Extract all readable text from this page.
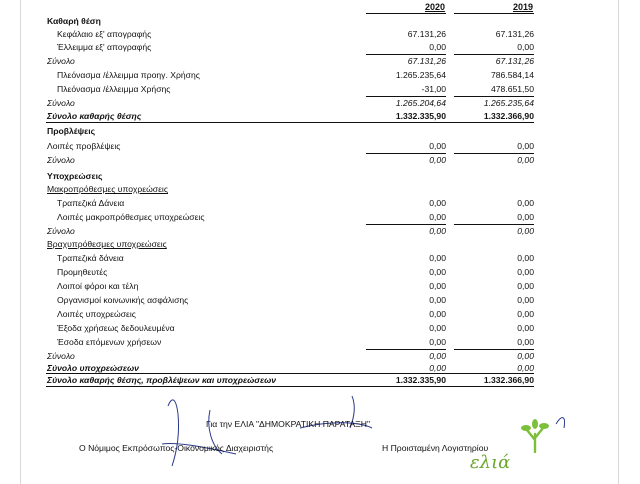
2020	2019
Καθαρή θέση
Κεφάλαιο εξ' απογραφής	67.131,26	67.131,26
Έλλειμμα εξ' απογραφής	0,00	0,00
Σύνολο	67.131,26	67.131,26
Πλεόνασμα /έλλειμμα προηγ. Χρήσης	1.265.235,64	786.584,14
Πλεόνασμα /έλλειμμα Χρήσης	-31,00	478.651,50
Σύνολο	1.265.204,64	1.265.235,64
Σύνολο καθαρής θέσης	1.332.335,90	1.332.366,90
Προβλέψεις
Λοιπές προβλέψεις	0,00	0,00
Σύνολο	0,00	0,00
Υποχρεώσεις
Μακροπρόθεσμες υποχρεώσεις
Τραπεζικά Δάνεια	0,00	0,00
Λοιπές μακροπρόθεσμες υποχρεώσεις	0,00	0,00
Σύνολο	0,00	0,00
Βραχυπρόθεσμες υποχρεώσεις
Τραπεζικά δάνεια	0,00	0,00
Προμηθευτές	0,00	0,00
Λοιποί φόροι και τέλη	0,00	0,00
Οργανισμοί κοινωνικής ασφάλισης	0,00	0,00
Λοιπές υποχρεώσεις	0,00	0,00
Έξοδα χρήσεως δεδουλευμένα	0,00	0,00
Έσοδα επόμενων χρήσεων	0,00	0,00
Σύνολο	0,00	0,00
Σύνολο υποχρεώσεων	0,00	0,00
Σύνολο καθαρής θέσης, προβλέψεων και υποχρεώσεων	1.332.335,90	1.332.366,90
ελιά
Για την ΕΛΙΑ "ΔΗΜΟΚΡΑΤΙΚΗ ΠΑΡΑΤΑΞΗ"
Ο Νόμιμος Εκπρόσωπος-Οικονομικός Διαχειριστής	Η Προισταμένη Λογιστηρίου
